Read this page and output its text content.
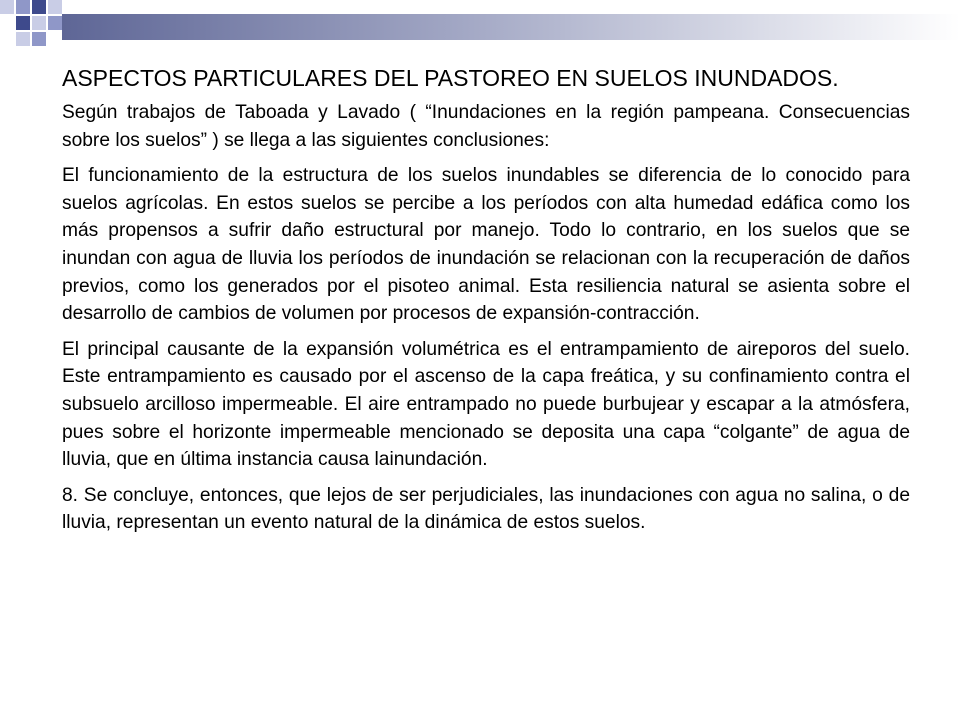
ASPECTOS PARTICULARES DEL PASTOREO EN SUELOS INUNDADOS.

Según trabajos de Taboada y Lavado ( “Inundaciones en la región pampeana. Consecuencias sobre los suelos” ) se llega a las siguientes conclusiones:

El funcionamiento de la estructura de los suelos inundables se diferencia de lo conocido para suelos agrícolas. En estos suelos se percibe a los períodos con alta humedad edáfica como los más propensos a sufrir daño estructural por manejo. Todo lo contrario, en los suelos que se inundan con agua de lluvia los períodos de inundación se relacionan con la recuperación de daños previos, como los generados por el pisoteo animal. Esta resiliencia natural se asienta sobre el desarrollo de cambios de volumen por procesos de expansión-contracción.

El principal causante de la expansión volumétrica es el entrampamiento de aireporos del suelo. Este entrampamiento es causado por el ascenso de la capa freática, y su confinamiento contra el subsuelo arcilloso impermeable. El aire entrampado no puede burbujear y escapar a la atmósfera, pues sobre el horizonte impermeable mencionado se deposita una capa “colgante” de agua de lluvia, que en última instancia causa lainundación.

8. Se concluye, entonces, que lejos de ser perjudiciales, las inundaciones con agua no salina, o de lluvia, representan un evento natural de la dinámica de estos suelos.
